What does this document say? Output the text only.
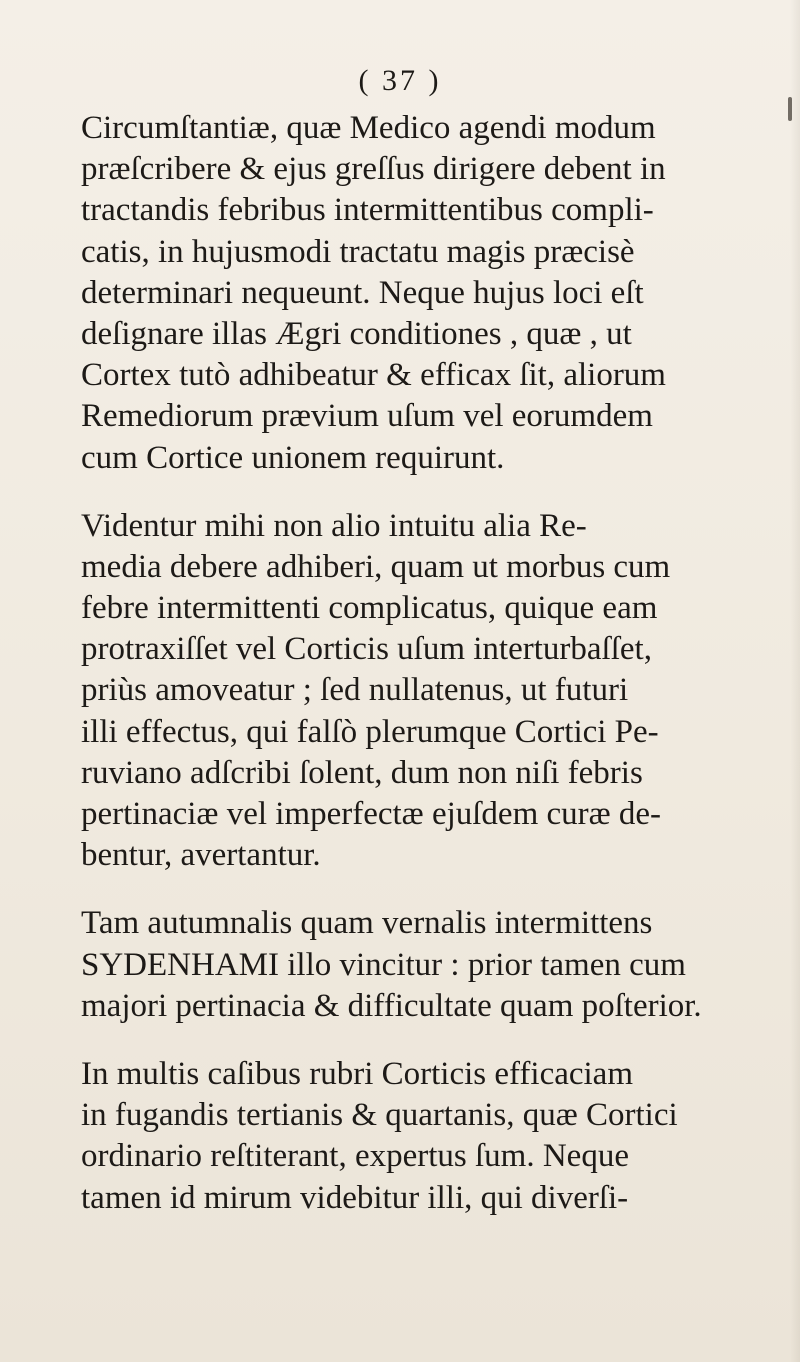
( 37 )
Circumſtantiæ, quæ Medico agendi modum
præſcribere & ejus greſſus dirigere debent in
tractandis febribus intermittentibus compli-
catis, in hujusmodi tractatu magis præcisè
determinari nequeunt. Neque hujus loci eſt
deſignare illas Ægri conditiones , quæ , ut
Cortex tutò adhibeatur & efficax ſit, aliorum
Remediorum prævium uſum vel eorumdem
cum Cortice unionem requirunt.
Videntur mihi non alio intuitu alia Re-
media debere adhiberi, quam ut morbus cum
febre intermittenti complicatus, quique eam
protraxiſſet vel Corticis uſum interturbaſſet,
priùs amoveatur ; ſed nullatenus, ut futuri
illi effectus, qui falſò plerumque Cortici Pe-
ruviano adſcribi ſolent, dum non niſi febris
pertinaciæ vel imperfectæ ejuſdem curæ de-
bentur, avertantur.
Tam autumnalis quam vernalis intermittens
SYDENHAMI illo vincitur : prior tamen cum
majori pertinacia & difficultate quam poſterior.
In multis caſibus rubri Corticis efficaciam
in fugandis tertianis & quartanis, quæ Cortici
ordinario reſtiterant, expertus ſum. Neque
tamen id mirum videbitur illi, qui diverſi-
